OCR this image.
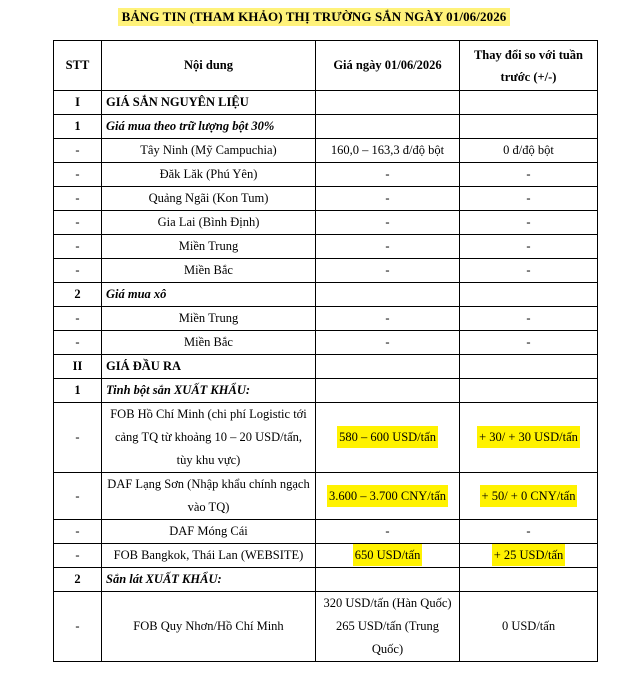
BẢNG TIN (THAM KHẢO) THỊ TRƯỜNG SẮN NGÀY 01/06/2026
STT	Nội dung	Giá ngày 01/06/2026	Thay đổi so với tuần trước (+/-)
I	GIÁ SẮN NGUYÊN LIỆU		
1	Giá mua theo trữ lượng bột 30%		
-	Tây Ninh (Mỹ Campuchia)	160,0 – 163,3 đ/độ bột	0 đ/độ bột
-	Đăk Lăk (Phú Yên)	-	-
-	Quảng Ngãi (Kon Tum)	-	-
-	Gia Lai (Bình Định)	-	-
-	Miền Trung	-	-
-	Miền Bắc	-	-
2	Giá mua xô		
-	Miền Trung	-	-
-	Miền Bắc	-	-
II	GIÁ ĐẦU RA		
1	Tinh bột sắn XUẤT KHẨU:		
-	FOB Hồ Chí Minh (chi phí Logistic tới cảng TQ từ khoảng 10 – 20 USD/tấn, tùy khu vực)	580 – 600 USD/tấn	+ 30/ + 30 USD/tấn
-	DAF Lạng Sơn (Nhập khẩu chính ngạch vào TQ)	3.600 – 3.700 CNY/tấn	+ 50/ + 0 CNY/tấn
-	DAF Móng Cái	-	-
-	FOB Bangkok, Thái Lan (WEBSITE)	650 USD/tấn	+ 25 USD/tấn
2	Sắn lát XUẤT KHẨU:		
-	FOB Quy Nhơn/Hồ Chí Minh	320 USD/tấn (Hàn Quốc) 265 USD/tấn (Trung Quốc)	0 USD/tấn
